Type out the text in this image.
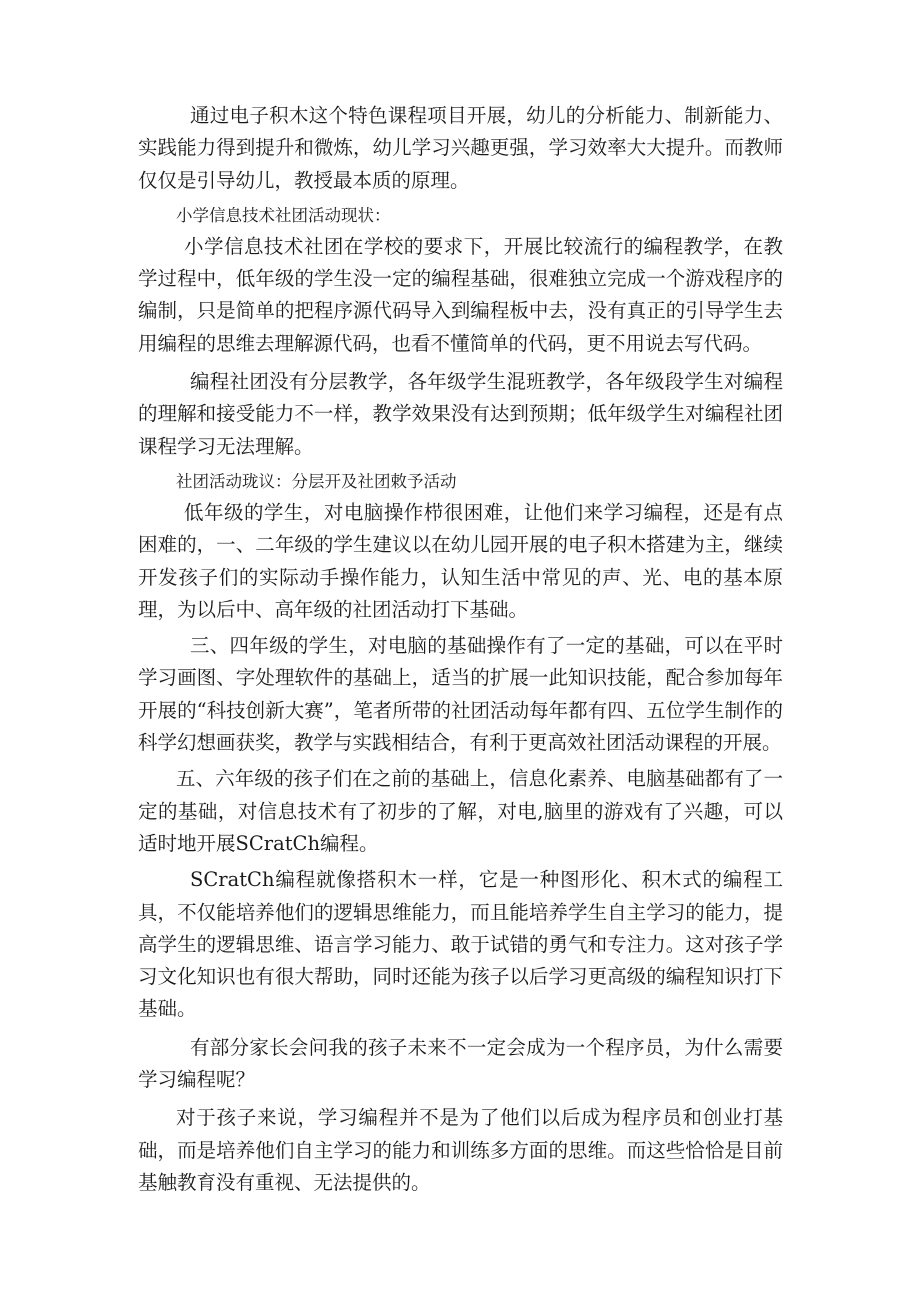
通过电子积木这个特色课程项目开展，幼儿的分析能力、制新能力、实践能力得到提升和微炼，幼儿学习兴趣更强，学习效率大大提升。而教师仅仅是引导幼儿，教授最本质的原理。

小学信息技术社团活动现状：

小学信息技术社团在学校的要求下，开展比较流行的编程教学，在教学过程中，低年级的学生没一定的编程基础，很难独立完成一个游戏程序的编制，只是简单的把程序源代码导入到编程板中去，没有真正的引导学生去用编程的思维去理解源代码，也看不懂简单的代码，更不用说去写代码。

编程社团没有分层教学，各年级学生混班教学，各年级段学生对编程的理解和接受能力不一样，教学效果没有达到预期；低年级学生对编程社团课程学习无法理解。

社团活动珑议：分层开及社团敕予活动

低年级的学生，对电脑操作栉很困难，让他们来学习编程，还是有点困难的，一、二年级的学生建议以在幼儿园开展的电子积木搭建为主，继续开发孩子们的实际动手操作能力，认知生活中常见的声、光、电的基本原理，为以后中、高年级的社团活动打下基础。

三、四年级的学生，对电脑的基础操作有了一定的基础，可以在平时学习画图、字处理软件的基础上，适当的扩展一此知识技能，配合参加每年开展的“科技创新大赛”，笔者所带的社团活动每年都有四、五位学生制作的科学幻想画获奖，教学与实践相结合，有利于更高效社团活动课程的开展。

五、六年级的孩子们在之前的基础上，信息化素养、电脑基础都有了一定的基础，对信息技术有了初步的了解，对电,脑里的游戏有了兴趣，可以适时地开展SCratCh编程。

SCratCh编程就像搭积木一样，它是一种图形化、积木式的编程工具，不仅能培养他们的逻辑思维能力，而且能培养学生自主学习的能力，提高学生的逻辑思维、语言学习能力、敢于试错的勇气和专注力。这对孩子学习文化知识也有很大帮助，同时还能为孩子以后学习更高级的编程知识打下基础。

有部分家长会问我的孩子未来不一定会成为一个程序员，为什么需要学习编程呢？

对于孩子来说，学习编程并不是为了他们以后成为程序员和创业打基础，而是培养他们自主学习的能力和训练多方面的思维。而这些恰恰是目前基触教育没有重视、无法提供的。
